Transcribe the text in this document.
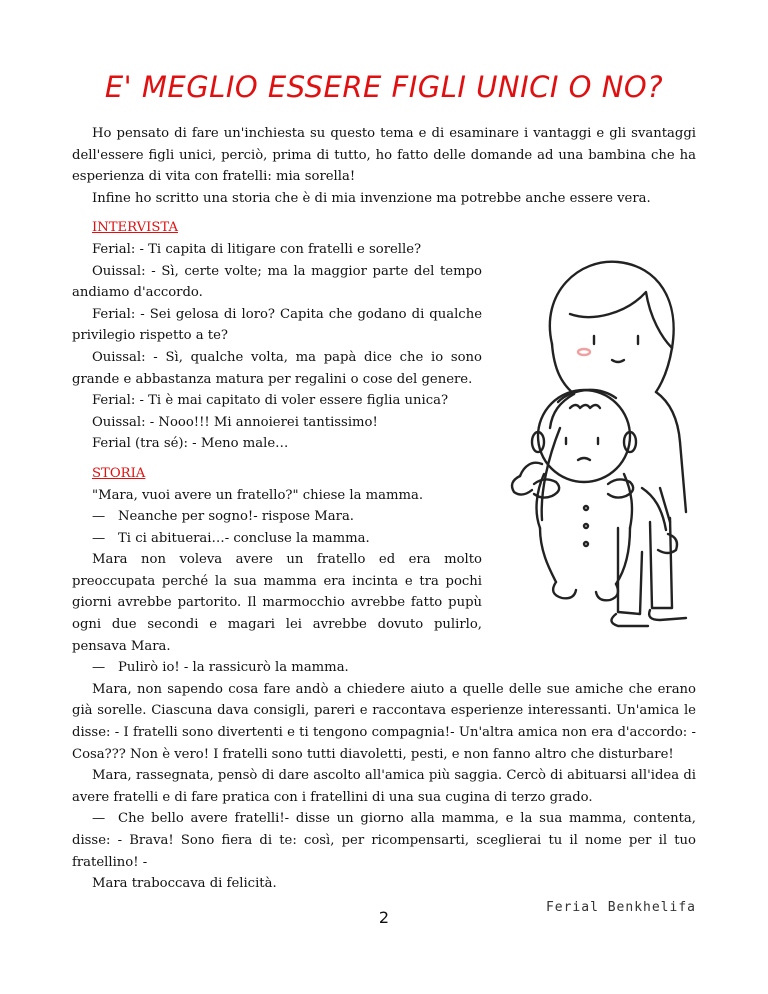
E' MEGLIO ESSERE FIGLI UNICI O NO?

Ho pensato di fare un'inchiesta su questo tema e di esaminare i vantaggi e gli svantaggi dell'essere figli unici, perciò, prima di tutto, ho fatto delle domande ad una bambina che ha esperienza di vita con fratelli: mia sorella!

Infine ho scritto una storia che è di mia invenzione ma potrebbe anche essere vera.

INTERVISTA

Ferial: - Ti capita di litigare con fratelli e sorelle?

Ouissal: - Sì, certe volte; ma la maggior parte del tempo andiamo d'accordo.

Ferial: - Sei gelosa di loro? Capita che godano di qualche privilegio rispetto a te?

Ouissal: - Sì, qualche volta, ma papà dice che io sono grande e abbastanza matura per regalini o cose del genere.

Ferial: - Ti è mai capitato di voler essere figlia unica?

Ouissal: - Nooo!!! Mi annoierei tantissimo!

Ferial (tra sé): - Meno male…

STORIA

"Mara, vuoi avere un fratello?" chiese la mamma.

— Neanche per sogno!- rispose Mara.

— Ti ci abituerai…- concluse la mamma.

Mara non voleva avere un fratello ed era molto preoccupata perché la sua mamma era incinta e tra pochi giorni avrebbe partorito. Il marmocchio avrebbe fatto pupù ogni due secondi e magari lei avrebbe dovuto pulirlo, pensava Mara.

— Pulirò io! - la rassicurò la mamma.

Mara, non sapendo cosa fare andò a chiedere aiuto a quelle delle sue amiche che erano già sorelle. Ciascuna dava consigli, pareri e raccontava esperienze interessanti. Un'amica le disse: - I fratelli sono divertenti e ti tengono compagnia!- Un'altra amica non era d'accordo: - Cosa??? Non è vero! I fratelli sono tutti diavoletti, pesti, e non fanno altro che disturbare!

Mara, rassegnata, pensò di dare ascolto all'amica più saggia. Cercò di abituarsi all'idea di avere fratelli e di fare pratica con i fratellini di una sua cugina di terzo grado.

— Che bello avere fratelli!- disse un giorno alla mamma, e la sua mamma, contenta, disse: - Brava! Sono fiera di te: così, per ricompensarti, sceglierai tu il nome per il tuo fratellino! -

Mara traboccava di felicità.

Ferial Benkhelifa
2
